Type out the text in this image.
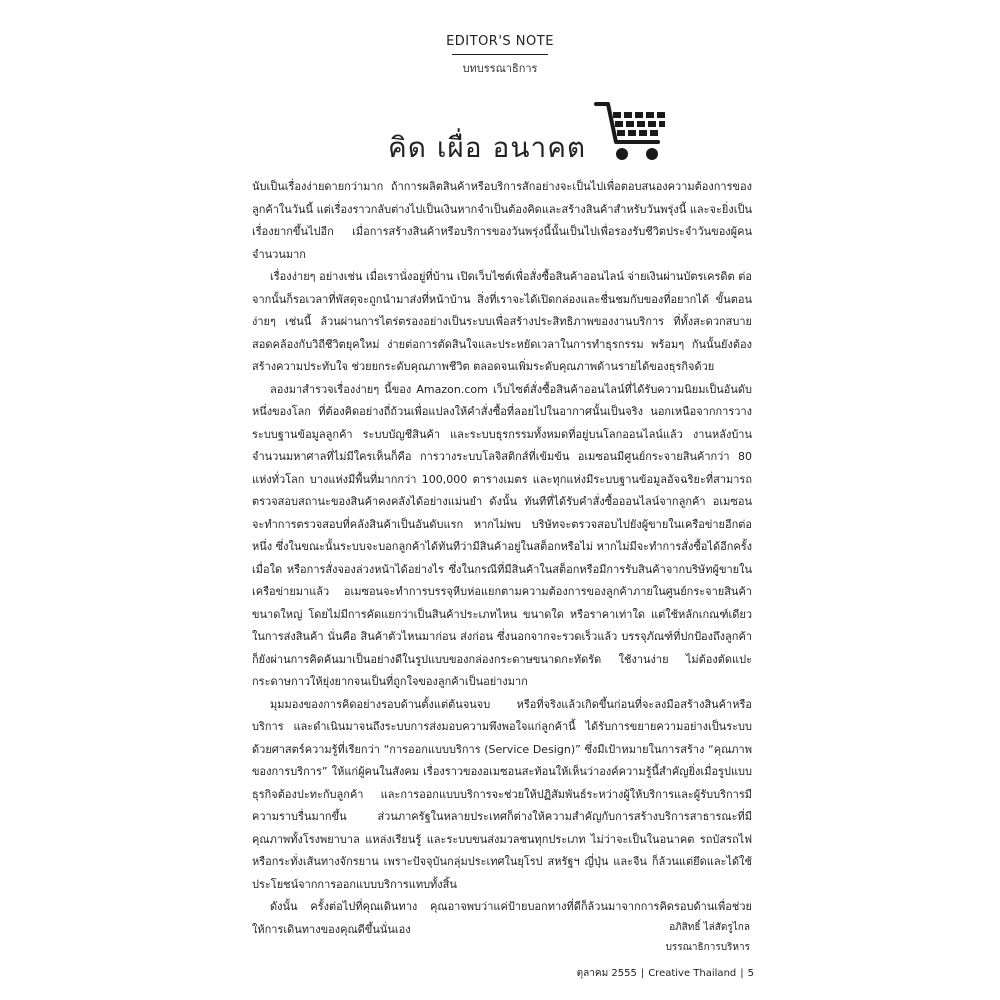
EDITOR'S NOTE
บทบรรณาธิการ
คิด เผื่อ อนาคต

นับเป็นเรื่องง่ายดายกว่ามาก ถ้าการผลิตสินค้าหรือบริการสักอย่างจะเป็นไปเพื่อตอบสนองความต้องการของลูกค้าในวันนี้ แต่เรื่องราวกลับต่างไปเป็นเงินหากจำเป็นต้องคิดและสร้างสินค้าสำหรับวันพรุ่งนี้ และจะยิ่งเป็นเรื่องยากขึ้นไปอีก เมื่อการสร้างสินค้าหรือบริการของวันพรุ่งนี้นั้นเป็นไปเพื่อรองรับชีวิตประจำวันของผู้คนจำนวนมาก

เรื่องง่ายๆ อย่างเช่น เมื่อเรานั่งอยู่ที่บ้าน เปิดเว็บไซต์เพื่อสั่งซื้อสินค้าออนไลน์ จ่ายเงินผ่านบัตรเครดิต ต่อจากนั้นก็รอเวลาที่พัสดุจะถูกนำมาส่งที่หน้าบ้าน สิ่งที่เราจะได้เปิดกล่องและชื่นชมกับของที่อยากได้ ขั้นตอนง่ายๆ เช่นนี้ ล้วนผ่านการไตร่ตรองอย่างเป็นระบบเพื่อสร้างประสิทธิภาพของงานบริการ ที่ทั้งสะดวกสบาย สอดคล้องกับวิถีชีวิตยุคใหม่ ง่ายต่อการตัดสินใจและประหยัดเวลาในการทำธุรกรรม พร้อมๆ กันนั้นยังต้องสร้างความประทับใจ ช่วยยกระดับคุณภาพชีวิต ตลอดจนเพิ่มระดับคุณภาพด้านรายได้ของธุรกิจด้วย

ลองมาสำรวจเรื่องง่ายๆ นี้ของ Amazon.com เว็บไซต์สั่งซื้อสินค้าออนไลน์ที่ได้รับความนิยมเป็นอันดับหนึ่งของโลก ที่ต้องคิดอย่างถี่ถ้วนเพื่อแปลงให้คำสั่งซื้อที่ลอยไปในอากาศนั้นเป็นจริง นอกเหนือจากการวางระบบฐานข้อมูลลูกค้า ระบบบัญชีสินค้า และระบบธุรกรรมทั้งหมดที่อยู่บนโลกออนไลน์แล้ว งานหลังบ้านจำนวนมหาศาลที่ไม่มีใครเห็นก็คือ การวางระบบโลจิสติกส์ที่เข้มข้น อเมซอนมีศูนย์กระจายสินค้ากว่า 80 แห่งทั่วโลก บางแห่งมีพื้นที่มากกว่า 100,000 ตารางเมตร และทุกแห่งมีระบบฐานข้อมูลอัจฉริยะที่สามารถตรวจสอบสถานะของสินค้าคงคลังได้อย่างแม่นยำ ดังนั้น ทันทีที่ได้รับคำสั่งซื้อออนไลน์จากลูกค้า อเมซอนจะทำการตรวจสอบที่คลังสินค้าเป็นอันดับแรก หากไม่พบ บริษัทจะตรวจสอบไปยังผู้ขายในเครือข่ายอีกต่อหนึ่ง ซึ่งในขณะนั้นระบบจะบอกลูกค้าได้ทันทีว่ามีสินค้าอยู่ในสต็อกหรือไม่ หากไม่มีจะทำการสั่งซื้อได้อีกครั้งเมื่อใด หรือการสั่งจองล่วงหน้าได้อย่างไร ซึ่งในกรณีที่มีสินค้าในสต็อกหรือมีการรับสินค้าจากบริษัทผู้ขายในเครือข่ายมาแล้ว อเมซอนจะทำการบรรจุหีบห่อแยกตามความต้องการของลูกค้าภายในศูนย์กระจายสินค้าขนาดใหญ่ โดยไม่มีการคัดแยกว่าเป็นสินค้าประเภทไหน ขนาดใด หรือราคาเท่าใด แต่ใช้หลักเกณฑ์เดียวในการส่งสินค้า นั่นคือ สินค้าตัวไหนมาก่อน ส่งก่อน ซึ่งนอกจากจะรวดเร็วแล้ว บรรจุภัณฑ์ที่ปกป้องถึงลูกค้าก็ยังผ่านการคิดค้นมาเป็นอย่างดีในรูปแบบของกล่องกระดาษขนาดกะทัดรัด ใช้งานง่าย ไม่ต้องตัดแปะกระดาษกาวให้ยุ่งยากจนเป็นที่ถูกใจของลูกค้าเป็นอย่างมาก

มุมมองของการคิดอย่างรอบด้านตั้งแต่ต้นจนจบ หรือที่จริงแล้วเกิดขึ้นก่อนที่จะลงมือสร้างสินค้าหรือบริการ และดำเนินมาจนถึงระบบการส่งมอบความพึงพอใจแก่ลูกค้านี้ ได้รับการขยายความอย่างเป็นระบบด้วยศาสตร์ความรู้ที่เรียกว่า “การออกแบบบริการ (Service Design)” ซึ่งมีเป้าหมายในการสร้าง “คุณภาพของการบริการ” ให้แก่ผู้คนในสังคม เรื่องราวของอเมซอนสะท้อนให้เห็นว่าองค์ความรู้นี้สำคัญยิ่งเมื่อรูปแบบธุรกิจต้องปะทะกับลูกค้า และการออกแบบบริการจะช่วยให้ปฏิสัมพันธ์ระหว่างผู้ให้บริการและผู้รับบริการมีความราบรื่นมากขึ้น ส่วนภาครัฐในหลายประเทศก็ต่างให้ความสำคัญกับการสร้างบริการสาธารณะที่มีคุณภาพทั้งโรงพยาบาล แหล่งเรียนรู้ และระบบขนส่งมวลชนทุกประเภท ไม่ว่าจะเป็นในอนาคต รถบัสรถไฟ หรือกระทั่งเส้นทางจักรยาน เพราะปัจจุบันกลุ่มประเทศในยุโรป สหรัฐฯ ญี่ปุ่น และจีน ก็ล้วนแต่ยึดและได้ใช้ประโยชน์จากการออกแบบบริการแทบทั้งสิ้น

ดังนั้น ครั้งต่อไปที่คุณเดินทาง คุณอาจพบว่าแค่ป้ายบอกทางที่ดีก็ล้วนมาจากการคิดรอบด้านเพื่อช่วยให้การเดินทางของคุณดีขึ้นนั่นเอง	อภิสิทธิ์ ไล่สัตรูไกล
บรรณาธิการบริหาร
ตุลาคม 2555 | Creative Thailand | 5
